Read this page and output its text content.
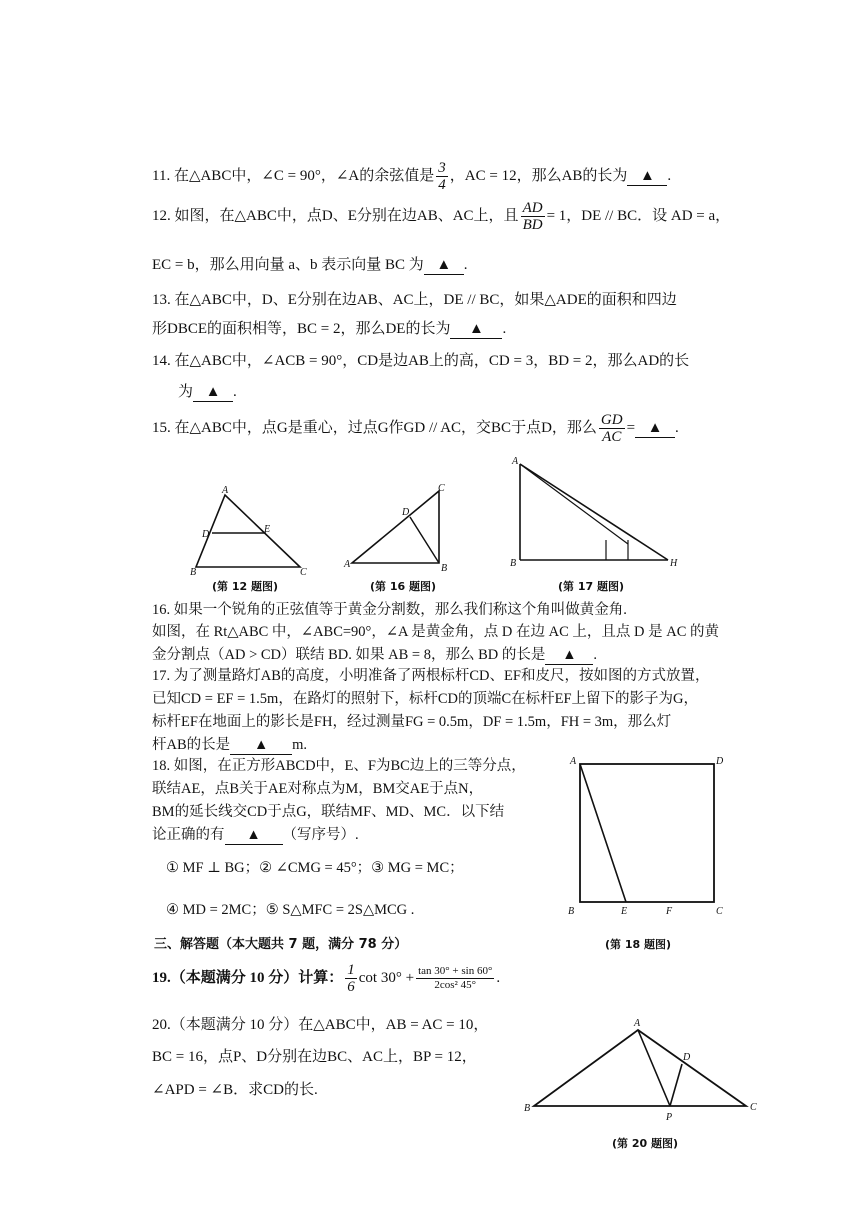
11. 在△ABC中，∠C = 90°，∠A的余弦值是 $\frac{3}{4}$ ，AC = 12，那么AB的长为 ▲ .
12. 如图，在△ABC中，点D、E分别在边AB、AC上，且 $\frac{AD}{BD} = 1$，DE // BC．设 AD = a，
EC = b，那么用向量 a、b 表示向量 BC 为 ▲ .
13. 在△ABC中，D、E分别在边AB、AC上，DE // BC，如果△ADE的面积和四边
形DBCE的面积相等，BC = 2，那么DE的长为 ▲ .
14. 在△ABC中，∠ACB = 90°，CD是边AB上的高，CD = 3，BD = 2，那么AD的长
为 ▲ .
15. 在△ABC中，点G是重心，过点G作GD // AC，交BC于点D，那么 $\frac{GD}{AC}$ = ▲ .
A
B	C
D	E
(第 12 题图)
A	B
C
D
(第 16 题图)
A
B	H
(第 17 题图)
16. 如果一个锐角的正弦值等于黄金分割数，那么我们称这个角叫做黄金角.
如图，在 Rt△ABC 中，∠ABC=90°，∠A 是黄金角，点 D 在边 AC 上，且点 D 是 AC 的黄
金分割点（AD > CD）联结 BD. 如果 AB = 8，那么 BD 的长是 ▲ .
17. 为了测量路灯AB的高度，小明准备了两根标杆CD、EF和皮尺，按如图的方式放置，
已知CD = EF = 1.5m，在路灯的照射下，标杆CD的顶端C在标杆EF上留下的影子为G，
标杆EF在地面上的影长是FH，经过测量FG = 0.5m，DF = 1.5m，FH = 3m，那么灯
杆AB的长是 ▲ m.
18. 如图，在正方形ABCD中，E、F为BC边上的三等分点，
联结AE，点B关于AE对称点为M，BM交AE于点N，
BM的延长线交CD于点G，联结MF、MD、MC．以下结
论正确的有 ▲ （写序号）.
① MF ⊥ BG；② ∠CMG = 45°；③ MG = MC；
④ MD = 2MC；⑤ S△MFC = 2S△MCG .
A
B	C
D
E	F
(第 18 题图)
三、解答题（本大题共 7 题，满分 78 分）
19.（本题满分 10 分）计算： $\frac{1}{6}$ $\cot 30^\circ + \frac{\tan 30^\circ + \sin 60^\circ}{\text{2cos² 45°}}$ .
20.（本题满分 10 分）在△ABC中，AB = AC = 10，
BC = 16，点P、D分别在边BC、AC上，BP = 12，
∠APD = ∠B．求CD的长.
A
B	C
D
P
(第 20 题图)
